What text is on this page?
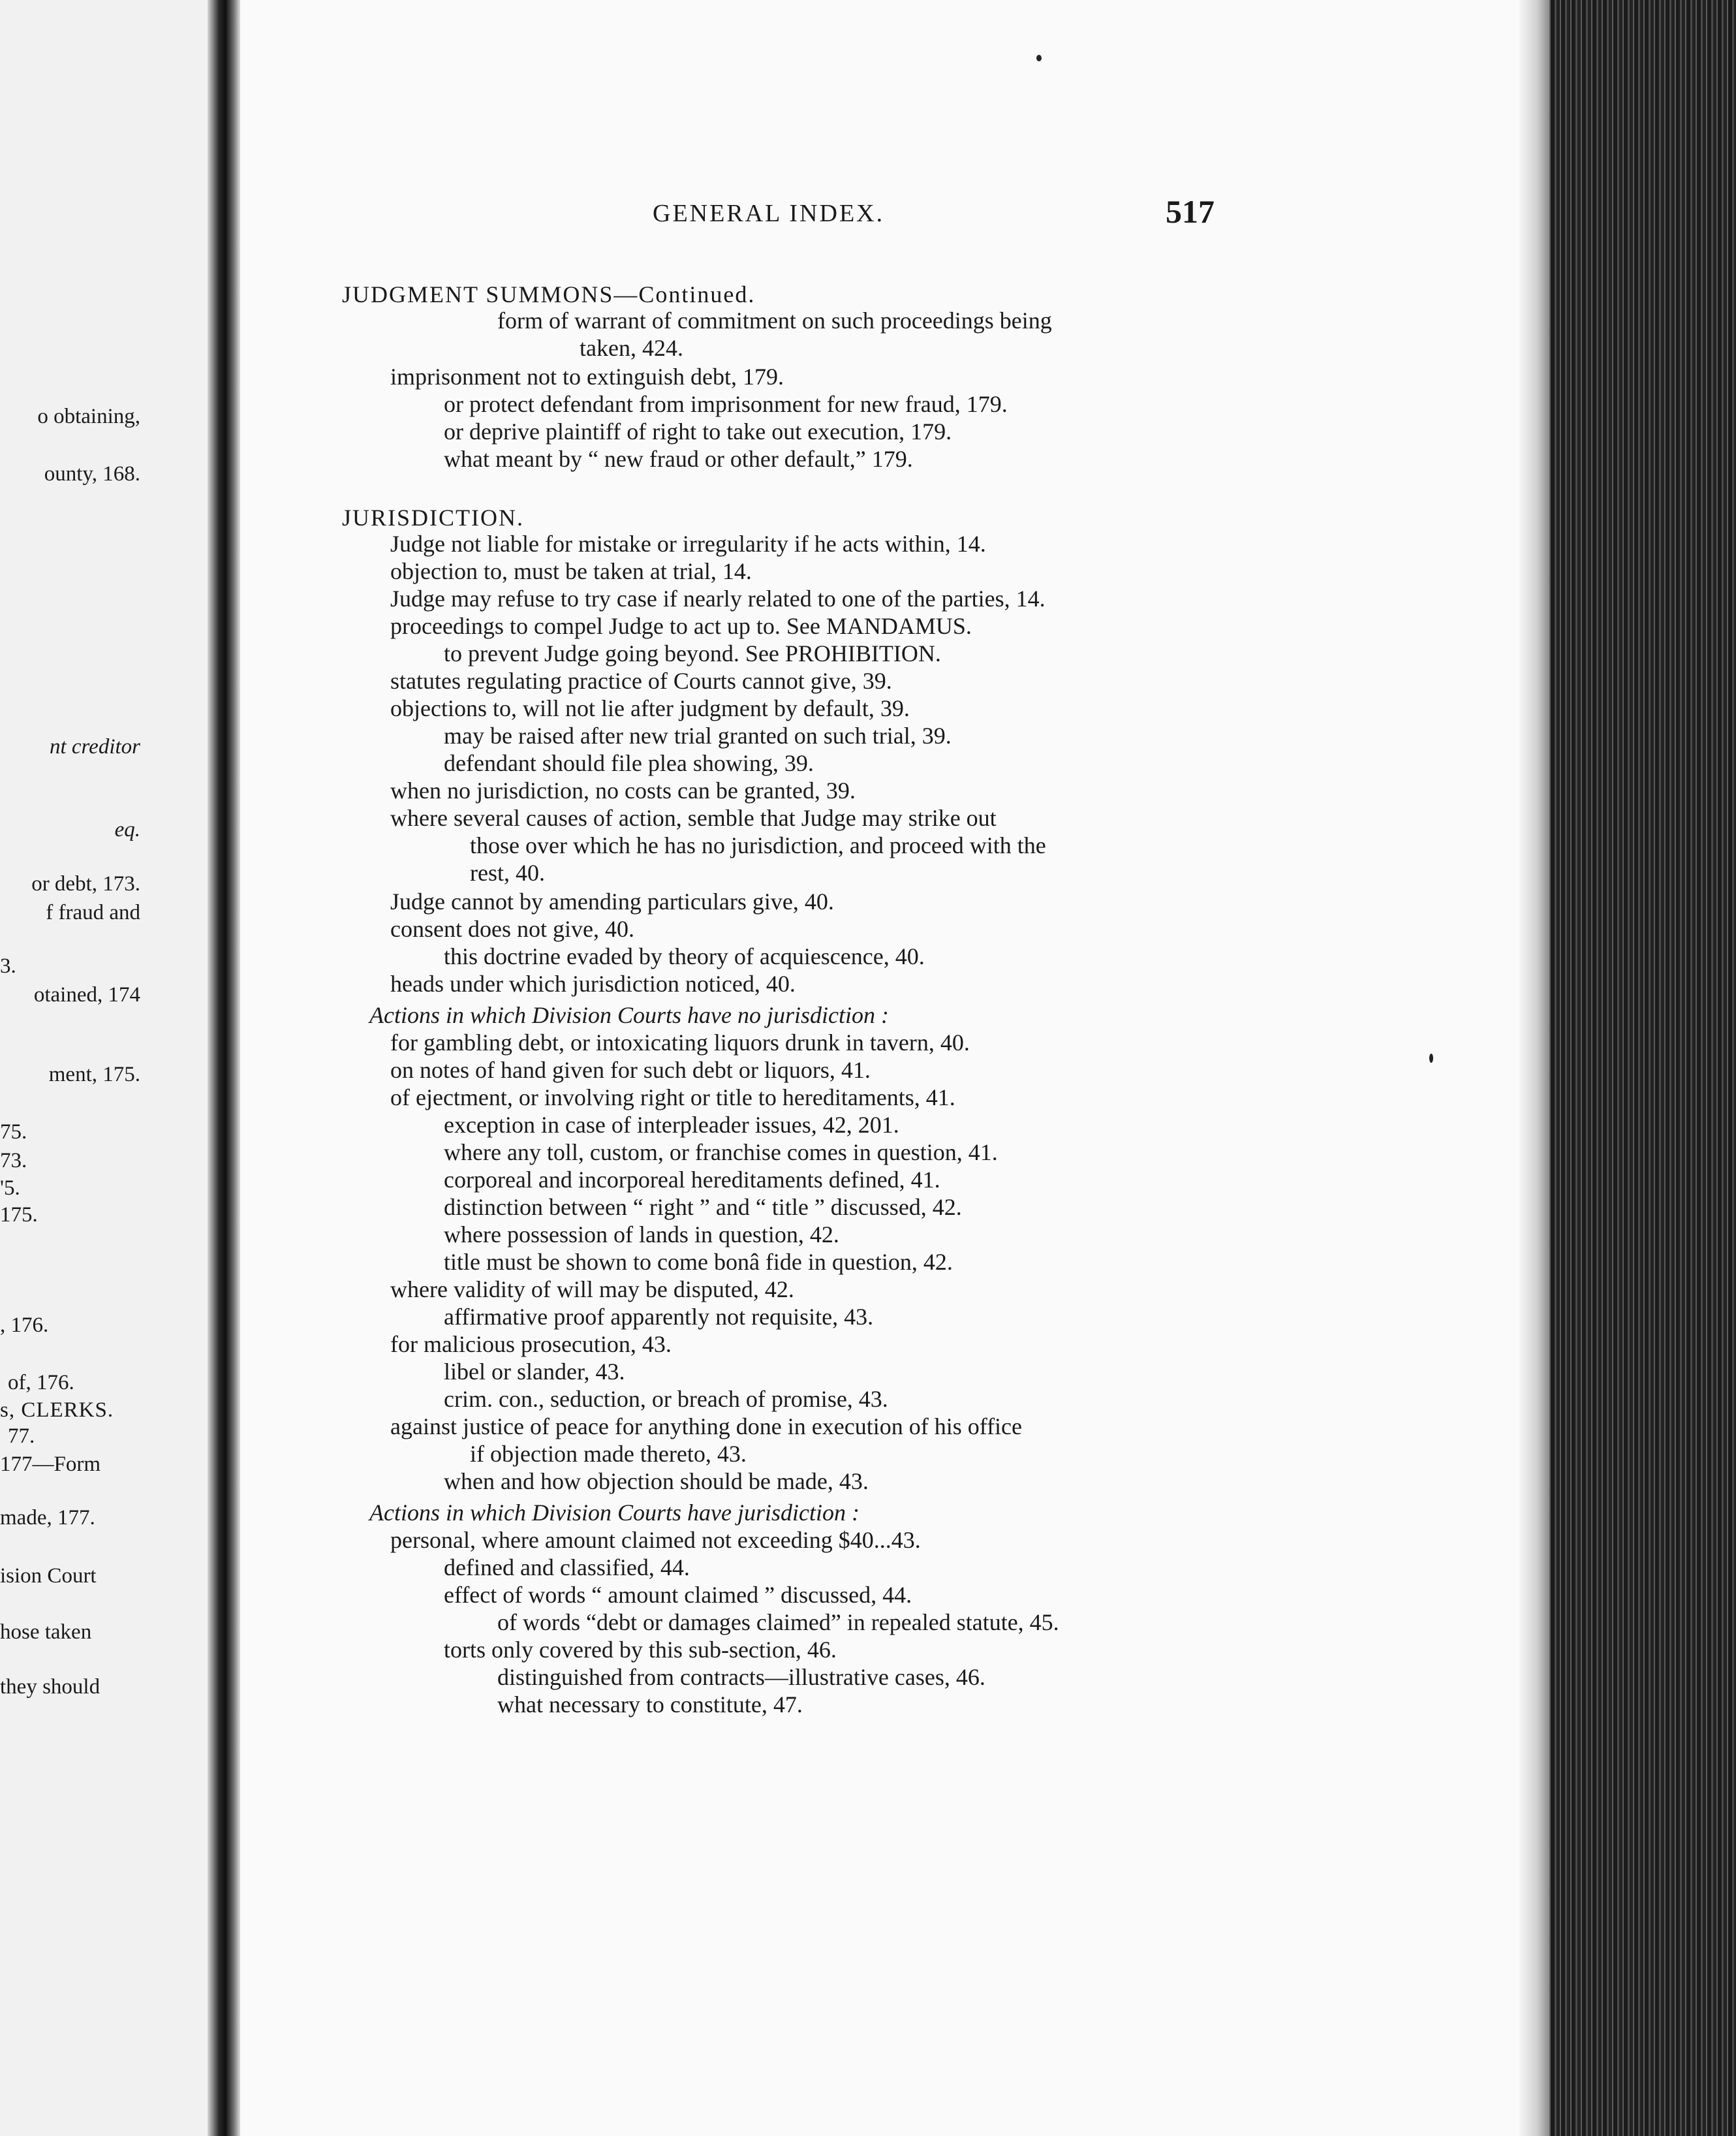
o obtaining,
ounty, 168.
nt creditor
eq.
or debt, 173.
f fraud and
3.
otained, 174
ment, 175.
75.
73.
'5.
175.
, 176.
of, 176.
s, CLERKS.
77.
177—Form
made, 177.
ision Court
hose taken
they should
GENERAL INDEX.	517
JUDGMENT SUMMONS—Continued.
form of warrant of commitment on such proceedings being
taken, 424.
imprisonment not to extinguish debt, 179.
or protect defendant from imprisonment for new fraud, 179.
or deprive plaintiff of right to take out execution, 179.
what meant by “ new fraud or other default,” 179.
JURISDICTION.
Judge not liable for mistake or irregularity if he acts within, 14.
objection to, must be taken at trial, 14.
Judge may refuse to try case if nearly related to one of the parties, 14.
proceedings to compel Judge to act up to. See MANDAMUS.
to prevent Judge going beyond. See PROHIBITION.
statutes regulating practice of Courts cannot give, 39.
objections to, will not lie after judgment by default, 39.
may be raised after new trial granted on such trial, 39.
defendant should file plea showing, 39.
when no jurisdiction, no costs can be granted, 39.
where several causes of action, semble that Judge may strike out
those over which he has no jurisdiction, and proceed with the
rest, 40.
Judge cannot by amending particulars give, 40.
consent does not give, 40.
this doctrine evaded by theory of acquiescence, 40.
heads under which jurisdiction noticed, 40.
Actions in which Division Courts have no jurisdiction :
for gambling debt, or intoxicating liquors drunk in tavern, 40.
on notes of hand given for such debt or liquors, 41.
of ejectment, or involving right or title to hereditaments, 41.
exception in case of interpleader issues, 42, 201.
where any toll, custom, or franchise comes in question, 41.
corporeal and incorporeal hereditaments defined, 41.
distinction between “ right ” and “ title ” discussed, 42.
where possession of lands in question, 42.
title must be shown to come bonâ fide in question, 42.
where validity of will may be disputed, 42.
affirmative proof apparently not requisite, 43.
for malicious prosecution, 43.
libel or slander, 43.
crim. con., seduction, or breach of promise, 43.
against justice of peace for anything done in execution of his office
if objection made thereto, 43.
when and how objection should be made, 43.
Actions in which Division Courts have jurisdiction :
personal, where amount claimed not exceeding $40...43.
defined and classified, 44.
effect of words “ amount claimed ” discussed, 44.
of words “debt or damages claimed” in repealed statute, 45.
torts only covered by this sub-section, 46.
distinguished from contracts—illustrative cases, 46.
what necessary to constitute, 47.
